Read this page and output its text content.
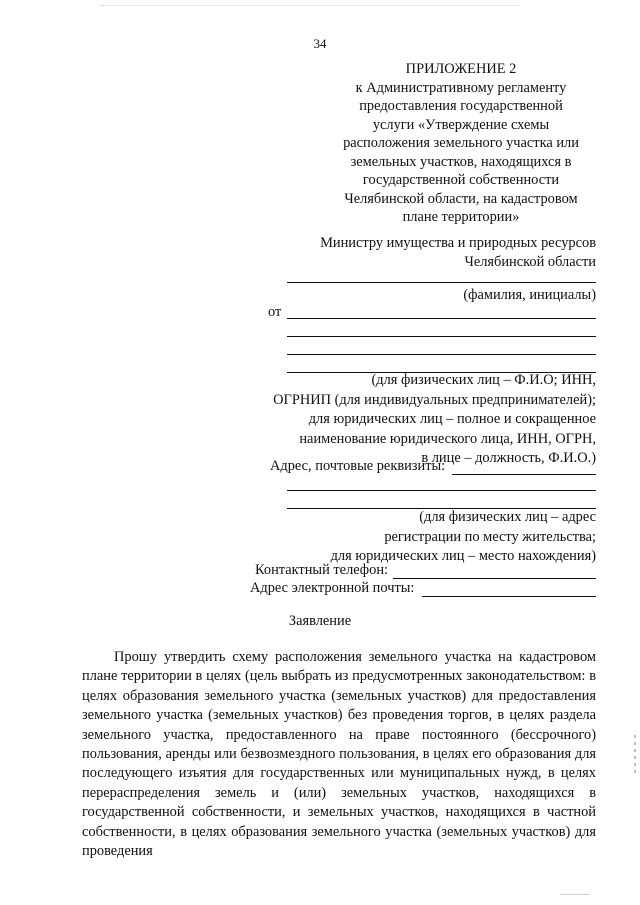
34
ПРИЛОЖЕНИЕ 2
к Административному регламенту
предоставления государственной
услуги «Утверждение схемы
расположения земельного участка или
земельных участков, находящихся в
государственной собственности
Челябинской области, на кадастровом
плане территории»
Министру имущества и природных ресурсов
Челябинской области
(фамилия, инициалы)
от
(для физических лиц – Ф.И.О; ИНН,
ОГРНИП (для индивидуальных предпринимателей);
для юридических лиц – полное и сокращенное
наименование юридического лица, ИНН, ОГРН,
в лице – должность, Ф.И.О.)
Адрес, почтовые реквизиты:
(для физических лиц – адрес
регистрации по месту жительства;
для юридических лиц – место нахождения)
Контактный телефон:
Адрес электронной почты:
Заявление
Прошу утвердить схему расположения земельного участка на кадастровом плане территории в целях (цель выбрать из предусмотренных законодательством: в целях образования земельного участка (земельных участков) для предоставления земельного участка (земельных участков) без проведения торгов, в целях раздела земельного участка, предоставленного на праве постоянного (бессрочного) пользования, аренды или безвозмездного пользования, в целях его образования для последующего изъятия для государственных или муниципальных нужд, в целях перераспределения земель и (или) земельных участков, находящихся в государственной собственности, и земельных участков, находящихся в частной собственности, в целях образования земельного участка (земельных участков) для проведения
